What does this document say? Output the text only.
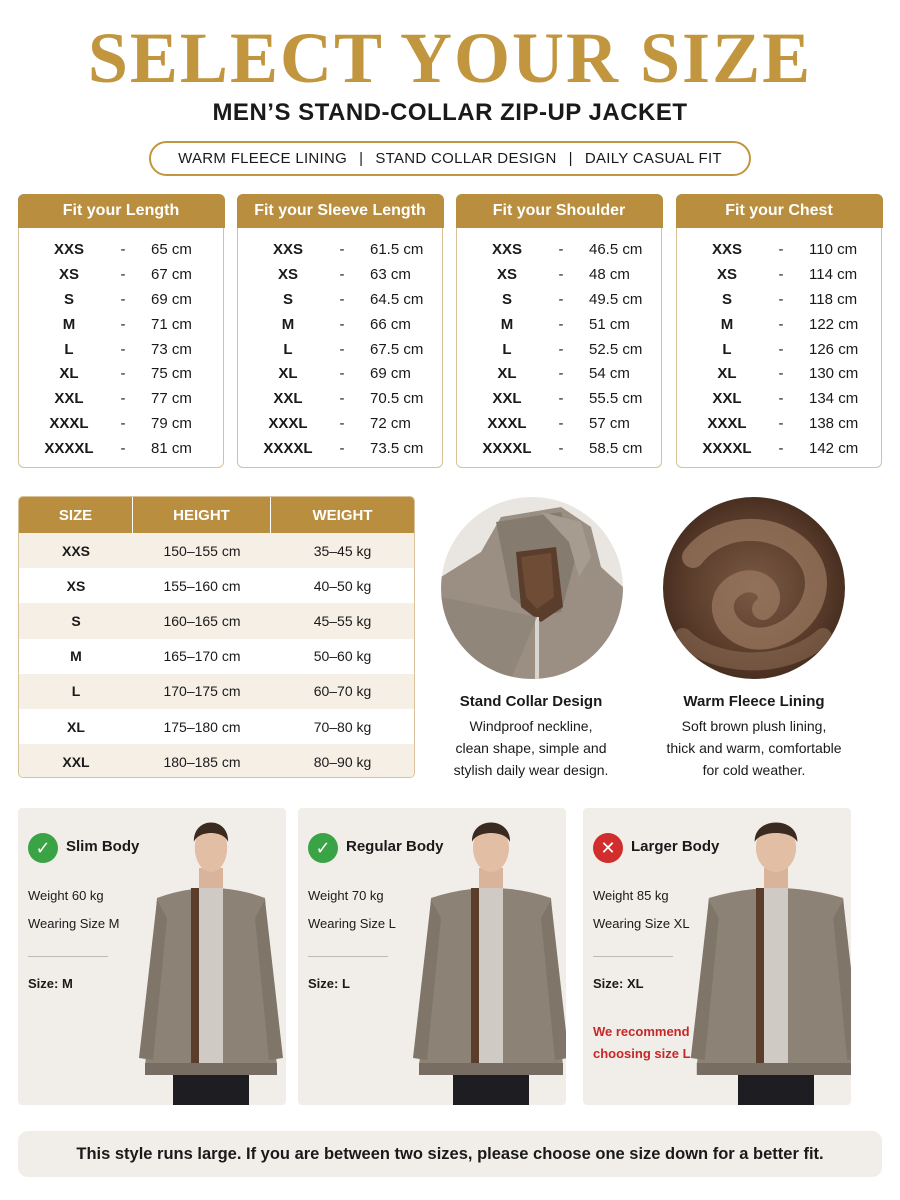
SELECT YOUR SIZE
MEN’S STAND-COLLAR ZIP-UP JACKET
WARM FLEECE LINING | STAND COLLAR DESIGN | DAILY CASUAL FIT
Fit your Length
XXS	-	65 cm
XS	-	67 cm
S	-	69 cm
M	-	71 cm
L	-	73 cm
XL	-	75 cm
XXL	-	77 cm
XXXL	-	79 cm
XXXXL	-	81 cm
Fit your Sleeve Length
XXS	-	61.5 cm
XS	-	63 cm
S	-	64.5 cm
M	-	66 cm
L	-	67.5 cm
XL	-	69 cm
XXL	-	70.5 cm
XXXL	-	72 cm
XXXXL	-	73.5 cm
Fit your Shoulder
XXS	-	46.5 cm
XS	-	48 cm
S	-	49.5 cm
M	-	51 cm
L	-	52.5 cm
XL	-	54 cm
XXL	-	55.5 cm
XXXL	-	57 cm
XXXXL	-	58.5 cm
Fit your Chest
XXS	-	110 cm
XS	-	114 cm
S	-	118 cm
M	-	122 cm
L	-	126 cm
XL	-	130 cm
XXL	-	134 cm
XXXL	-	138 cm
XXXXL	-	142 cm
SIZE	HEIGHT	WEIGHT
XXS	150–155 cm	35–45 kg
XS	155–160 cm	40–50 kg
S	160–165 cm	45–55 kg
M	165–170 cm	50–60 kg
L	170–175 cm	60–70 kg
XL	175–180 cm	70–80 kg
XXL	180–185 cm	80–90 kg
Stand Collar Design
Windproof neckline,
clean shape, simple and
stylish daily wear design.
Warm Fleece Lining
Soft brown plush lining,
thick and warm, comfortable
for cold weather.
✓	Slim Body
Weight 60 kg
Wearing Size M
Size: M
✓	Regular Body
Weight 70 kg
Wearing Size L
Size: L
✕	Larger Body
Weight 85 kg
Wearing Size XL
Size: XL
We recommend
choosing size L
This style runs large. If you are between two sizes, please choose one size down for a better fit.
